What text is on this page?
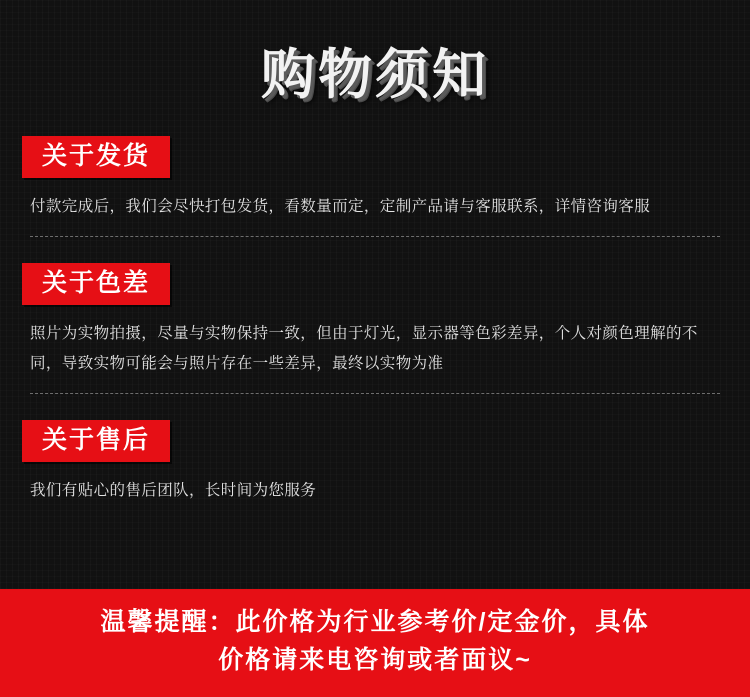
购物须知
关于发货
付款完成后，我们会尽快打包发货，看数量而定，定制产品请与客服联系，详情咨询客服
关于色差
照片为实物拍摄，尽量与实物保持一致，但由于灯光，显示器等色彩差异，个人对颜色理解的不同，导致实物可能会与照片存在一些差异，最终以实物为准
关于售后
我们有贴心的售后团队，长时间为您服务
温馨提醒：此价格为行业参考价/定金价，具体
价格请来电咨询或者面议~
